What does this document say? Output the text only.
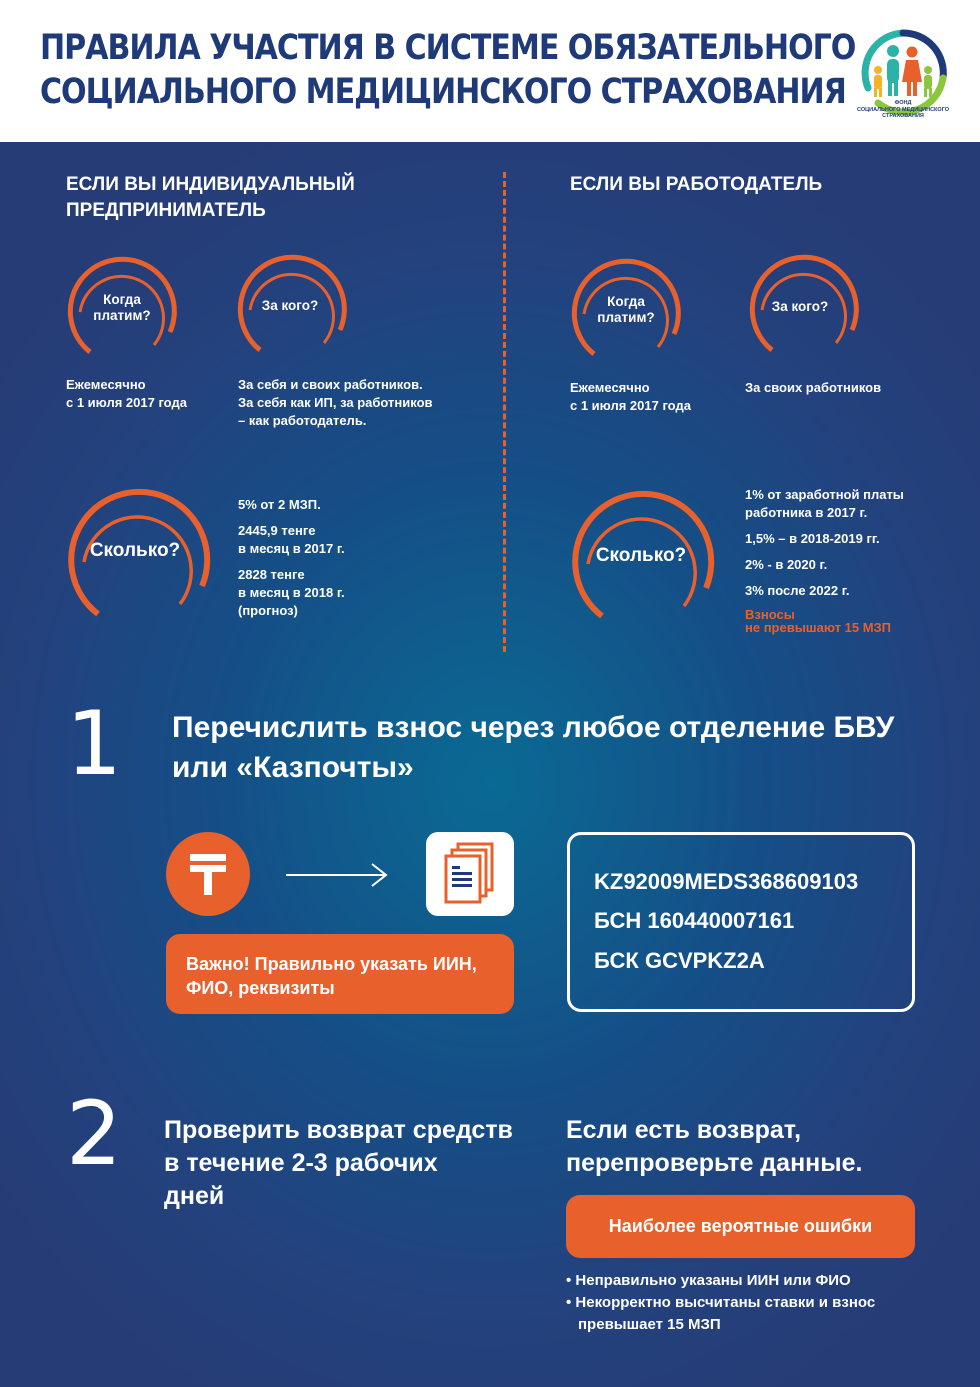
ПРАВИЛА УЧАСТИЯ В СИСТЕМЕ ОБЯЗАТЕЛЬНОГО
СОЦИАЛЬНОГО МЕДИЦИНСКОГО СТРАХОВАНИЯ	ФОНД
СОЦИАЛЬНОГО МЕДИЦИНСКОГО
СТРАХОВАНИЯ
ЕСЛИ ВЫ ИНДИВИДУАЛЬНЫЙ
ПРЕДПРИНИМАТЕЛЬ
Когда
платим?
Ежемесячно
с 1 июля 2017 года
За кого?
За себя и своих работников.
За себя как ИП, за работников
– как работодатель.
Сколько?

5% от 2 МЗП.

2445,9 тенге
в месяц в 2017 г.

2828 тенге
в месяц в 2018 г.
(прогноз)

ЕСЛИ ВЫ РАБОТОДАТЕЛЬ
Когда
платим?
Ежемесячно
с 1 июля 2017 года
За кого?
За своих работников
Сколько?

1% от заработной платы
работника в 2017 г.

1,5% – в 2018-2019 гг.

2% - в 2020 г.

3% после 2022 г.

Взносы
не превышают 15 МЗП
1 Перечислить взнос через любое отделение БВУ
или «Казпочты»
Важно! Правильно указать ИИН,
ФИО, реквизиты
KZ92009MEDS368609103
БСН 160440007161
БСК GCVPKZ2A
2 Проверить возврат средств
в течение 2-3 рабочих
дней
Если есть возврат,
перепроверьте данные.
Наиболее вероятные ошибки
• Неправильно указаны ИИН или ФИО
• Некорректно высчитаны ставки и взнос превышает 15 МЗП
